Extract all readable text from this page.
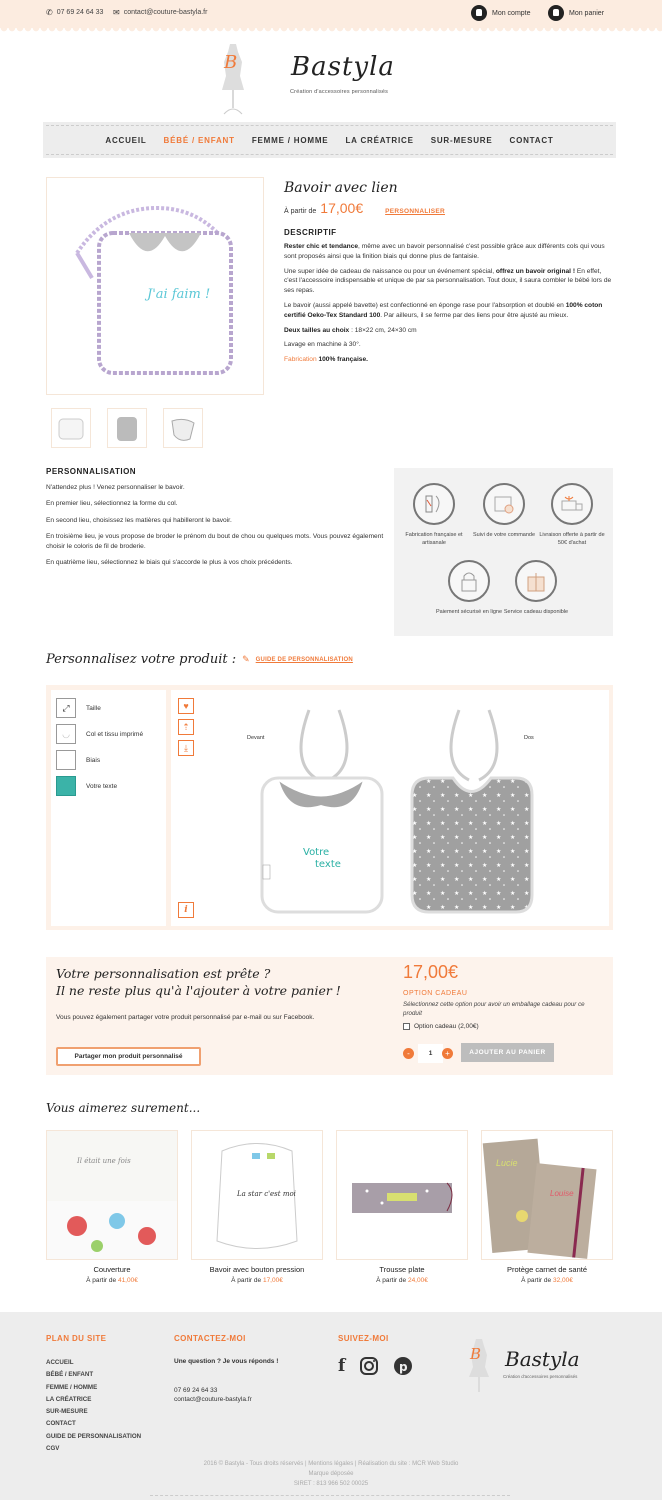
✆ 07 69 24 64 33 ✉ contact@couture-bastyla.fr	Mon compte	Mon panier
B Bastyla
Création d'accessoires personnalisés
ACCUEIL BÉBÉ / ENFANT FEMME / HOMME LA CRÉATRICE SUR-MESURE CONTACT
J'ai faim !
Bavoir avec lien
À partir de 17,00€	PERSONNALISER
DESCRIPTIF

Rester chic et tendance, même avec un bavoir personnalisé c'est possible grâce aux différents cols qui vous sont proposés ainsi que la finition biais qui donne plus de fantaisie.

Une super idée de cadeau de naissance ou pour un événement spécial, offrez un bavoir original ! En effet, c'est l'accessoire indispensable et unique de par sa personnalisation. Tout doux, il saura combler le bébé lors de ses repas.

Le bavoir (aussi appelé bavette) est confectionné en éponge rase pour l'absorption et doublé en 100% coton certifié Oeko-Tex Standard 100. Par ailleurs, il se ferme par des liens pour être ajusté au mieux.

Deux tailles au choix : 18×22 cm, 24×30 cm

Lavage en machine à 30°.

Fabrication 100% française.

PERSONNALISATION

N'attendez plus ! Venez personnaliser le bavoir.

En premier lieu, sélectionnez la forme du col.

En second lieu, choisissez les matières qui habilleront le bavoir.

En troisième lieu, je vous propose de broder le prénom du bout de chou ou quelques mots. Vous pouvez également choisir le coloris de fil de broderie.

En quatrième lieu, sélectionnez le biais qui s'accorde le plus à vos choix précédents.

Fabrication française et artisanale
Suivi de votre commande Livraison offerte à partir de 50€ d'achat
Paiement sécurisé en ligne Service cadeau disponible
Personnalisez votre produit : ✎ GUIDE DE PERSONNALISATION
⤢	Taille
◡	Col et tissu imprimé
Biais
Votre texte
♥
⇡
⤓
i
Devant	Dos
Votre
texte
Votre personnalisation est prête ?
Il ne reste plus qu'à l'ajouter à votre panier !
Vous pouvez également partager votre produit personnalisé par e-mail ou sur Facebook.
Partager mon produit personnalisé
17,00€
OPTION CADEAU
Sélectionnez cette option pour avoir un emballage cadeau pour ce produit
Option cadeau (2,00€)
-	1	+	AJOUTER AU PANIER
Vous aimerez surement...
Il était une fois
Couverture
À partir de 41,00€
La star c'est moi
Bavoir avec bouton pression
À partir de 17,00€
Trousse plate
À partir de 24,00€
Lucie
Louise
Protège carnet de santé
À partir de 32,00€
PLAN DU SITE
ACCUEIL
BÉBÉ / ENFANT
FEMME / HOMME
LA CRÉATRICE
SUR-MESURE
CONTACT
GUIDE DE PERSONNALISATION
CGV
CONTACTEZ-MOI
Une question ? Je vous réponds !
07 69 24 64 33
contact@couture-bastyla.fr
SUIVEZ-MOI
f	p
B Bastyla
Création d'accessoires personnalisés
2016 © Bastyla - Tous droits réservés | Mentions légales | Réalisation du site : MCR Web Studio
Marque déposée
SIRET : 813 966 502 00025
